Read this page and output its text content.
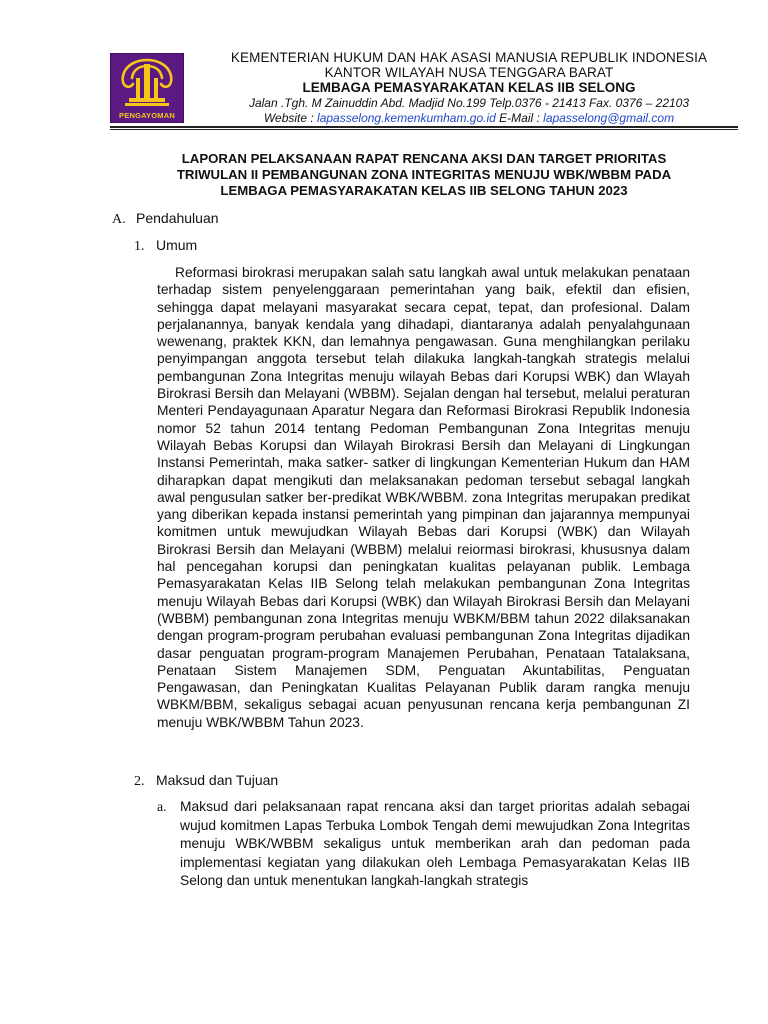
PENGAYOMAN
KEMENTERIAN HUKUM DAN HAK ASASI MANUSIA REPUBLIK INDONESIA
KANTOR WILAYAH NUSA TENGGARA BARAT
LEMBAGA PEMASYARAKATAN KELAS IIB SELONG
Jalan .Tgh. M Zainuddin Abd. Madjid No.199 Telp.0376 - 21413 Fax. 0376 – 22103
Website : lapasselong.kemenkumham.go.id E-Mail : lapasselong@gmail.com
LAPORAN PELAKSANAAN RAPAT RENCANA AKSI DAN TARGET PRIORITAS
TRIWULAN II PEMBANGUNAN ZONA INTEGRITAS MENUJU WBK/WBBM PADA
LEMBAGA PEMASYARAKATAN KELAS IIB SELONG TAHUN 2023
A. Pendahuluan
1. Umum
Reformasi birokrasi merupakan salah satu langkah awal untuk melakukan penataan terhadap sistem penyelenggaraan pemerintahan yang baik, efektil dan efisien, sehingga dapat melayani masyarakat secara cepat, tepat, dan profesional. Dalam perjalanannya, banyak kendala yang dihadapi, diantaranya adalah penyalahgunaan wewenang, praktek KKN, dan lemahnya pengawasan. Guna menghilangkan perilaku penyimpangan anggota tersebut telah dilakuka langkah-tangkah strategis melalui pembangunan Zona Integritas menuju wilayah Bebas dari Korupsi WBK) dan Wlayah Birokrasi Bersih dan Melayani (WBBM). Sejalan dengan hal tersebut, melalui peraturan Menteri Pendayagunaan Aparatur Negara dan Reformasi Birokrasi Republik Indonesia nomor 52 tahun 2014 tentang Pedoman Pembangunan Zona Integritas menuju Wilayah Bebas Korupsi dan Wilayah Birokrasi Bersih dan Melayani di Lingkungan Instansi Pemerintah, maka satker- satker di lingkungan Kementerian Hukum dan HAM diharapkan dapat mengikuti dan melaksanakan pedoman tersebut sebagal langkah awal pengusulan satker ber-predikat WBK/WBBM. zona Integritas merupakan predikat yang diberikan kepada instansi pemerintah yang pimpinan dan jajarannya mempunyai komitmen untuk mewujudkan Wilayah Bebas dari Korupsi (WBK) dan Wilayah Birokrasi Bersih dan Melayani (WBBM) melalui reiormasi birokrasi, khususnya dalam hal pencegahan korupsi dan peningkatan kualitas pelayanan publik. Lembaga Pemasyarakatan Kelas IIB Selong telah melakukan pembangunan Zona Integritas menuju Wilayah Bebas dari Korupsi (WBK) dan Wilayah Birokrasi Bersih dan Melayani (WBBM) pembangunan zona Integritas menuju WBKM/BBM tahun 2022 dilaksanakan dengan program-program perubahan evaluasi pembangunan Zona Integritas dijadikan dasar penguatan program-program Manajemen Perubahan, Penataan Tatalaksana, Penataan Sistem Manajemen SDM, Penguatan Akuntabilitas, Penguatan Pengawasan, dan Peningkatan Kualitas Pelayanan Publik daram rangka menuju WBKM/BBM, sekaligus sebagai acuan penyusunan rencana kerja pembangunan ZI menuju WBK/WBBM Tahun 2023.
2. Maksud dan Tujuan
a. Maksud dari pelaksanaan rapat rencana aksi dan target prioritas adalah sebagai wujud komitmen Lapas Terbuka Lombok Tengah demi mewujudkan Zona Integritas menuju WBK/WBBM sekaligus untuk memberikan arah dan pedoman pada implementasi kegiatan yang dilakukan oleh Lembaga Pemasyarakatan Kelas IIB Selong dan untuk menentukan langkah-langkah strategis
